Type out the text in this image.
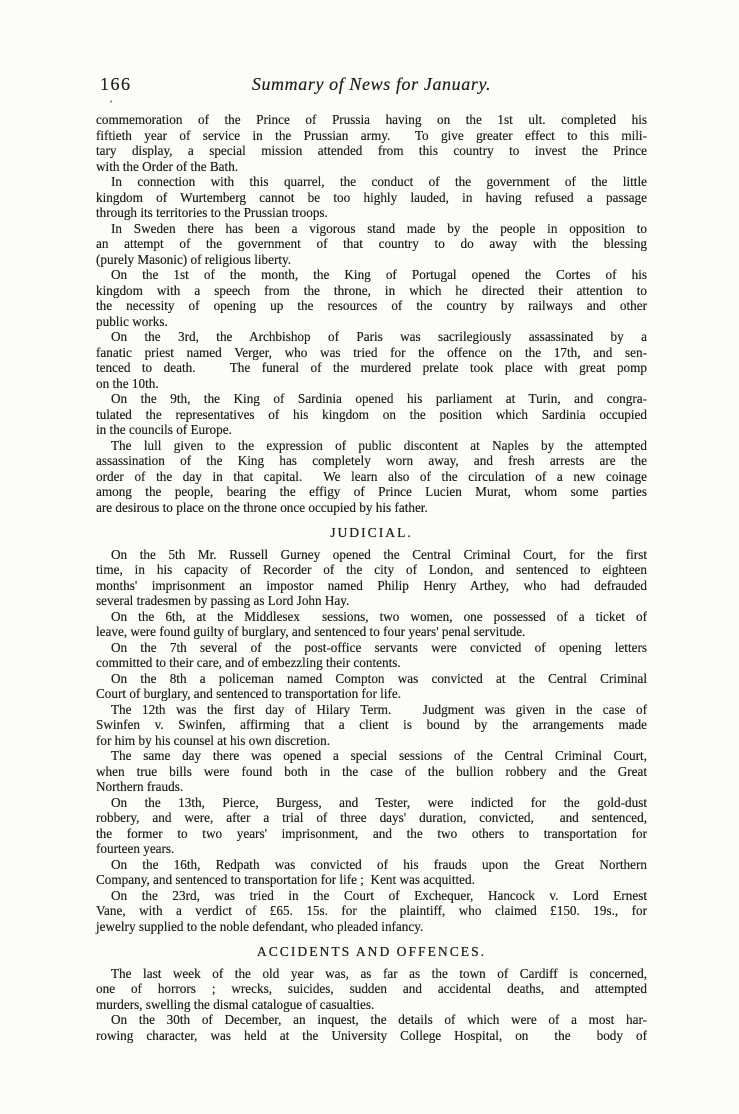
166	Summary of News for January.
commemoration of the Prince of Prussia having on the 1st ult. completed his
fiftieth year of service in the Prussian army.  To give greater effect to this mili-
tary display, a special mission attended from this country to invest the Prince
with the Order of the Bath.
In connection with this quarrel, the conduct of the government of the little
kingdom of Wurtemberg cannot be too highly lauded, in having refused a passage
through its territories to the Prussian troops.
In Sweden there has been a vigorous stand made by the people in opposition to
an attempt of the government of that country to do away with the blessing
(purely Masonic) of religious liberty.
On the 1st of the month, the King of Portugal opened the Cortes of his
kingdom with a speech from the throne, in which he directed their attention to
the necessity of opening up the resources of the country by railways and other
public works.
On the 3rd, the Archbishop of Paris was sacrilegiously assassinated by a
fanatic priest named Verger, who was tried for the offence on the 17th, and sen-
tenced to death.   The funeral of the murdered prelate took place with great pomp
on the 10th.
On the 9th, the King of Sardinia opened his parliament at Turin, and congra-
tulated the representatives of his kingdom on the position which Sardinia occupied
in the councils of Europe.
The lull given to the expression of public discontent at Naples by the attempted
assassination of the King has completely worn away, and fresh arrests are the
order of the day in that capital.  We learn also of the circulation of a new coinage
among the people, bearing the effigy of Prince Lucien Murat, whom some parties
are desirous to place on the throne once occupied by his father.
JUDICIAL.
On the 5th Mr. Russell Gurney opened the Central Criminal Court, for the first
time, in his capacity of Recorder of the city of London, and sentenced to eighteen
months' imprisonment an impostor named Philip Henry Arthey, who had defrauded
several tradesmen by passing as Lord John Hay.
On the 6th, at the Middlesex  sessions, two women, one possessed of a ticket of
leave, were found guilty of burglary, and sentenced to four years' penal servitude.
On the 7th several of the post-office servants were convicted of opening letters
committed to their care, and of embezzling their contents.
On the 8th a policeman named Compton was convicted at the Central Criminal
Court of burglary, and sentenced to transportation for life.
The 12th was the first day of Hilary Term.   Judgment was given in the case of
Swinfen v. Swinfen, affirming that a client is bound by the arrangements made
for him by his counsel at his own discretion.
The same day there was opened a special sessions of the Central Criminal Court,
when true bills were found both in the case of the bullion robbery and the Great
Northern frauds.
On the 13th, Pierce, Burgess, and Tester, were indicted for the gold-dust
robbery, and were, after a trial of three days' duration, convicted,  and sentenced,
the former to two years' imprisonment, and the two others to transportation for
fourteen years.
On the 16th, Redpath was convicted of his frauds upon the Great Northern
Company, and sentenced to transportation for life ;  Kent was acquitted.
On the 23rd, was tried in the Court of Exchequer, Hancock v. Lord Ernest
Vane, with a verdict of £65. 15s. for the plaintiff, who claimed £150. 19s., for
jewelry supplied to the noble defendant, who pleaded infancy.
ACCIDENTS AND OFFENCES.
The last week of the old year was, as far as the town of Cardiff is concerned,
one of horrors ; wrecks, suicides, sudden and accidental deaths, and attempted
murders, swelling the dismal catalogue of casualties.
On the 30th of December, an inquest, the details of which were of a most har-
rowing character, was held at the University College Hospital, on  the  body of
‘
